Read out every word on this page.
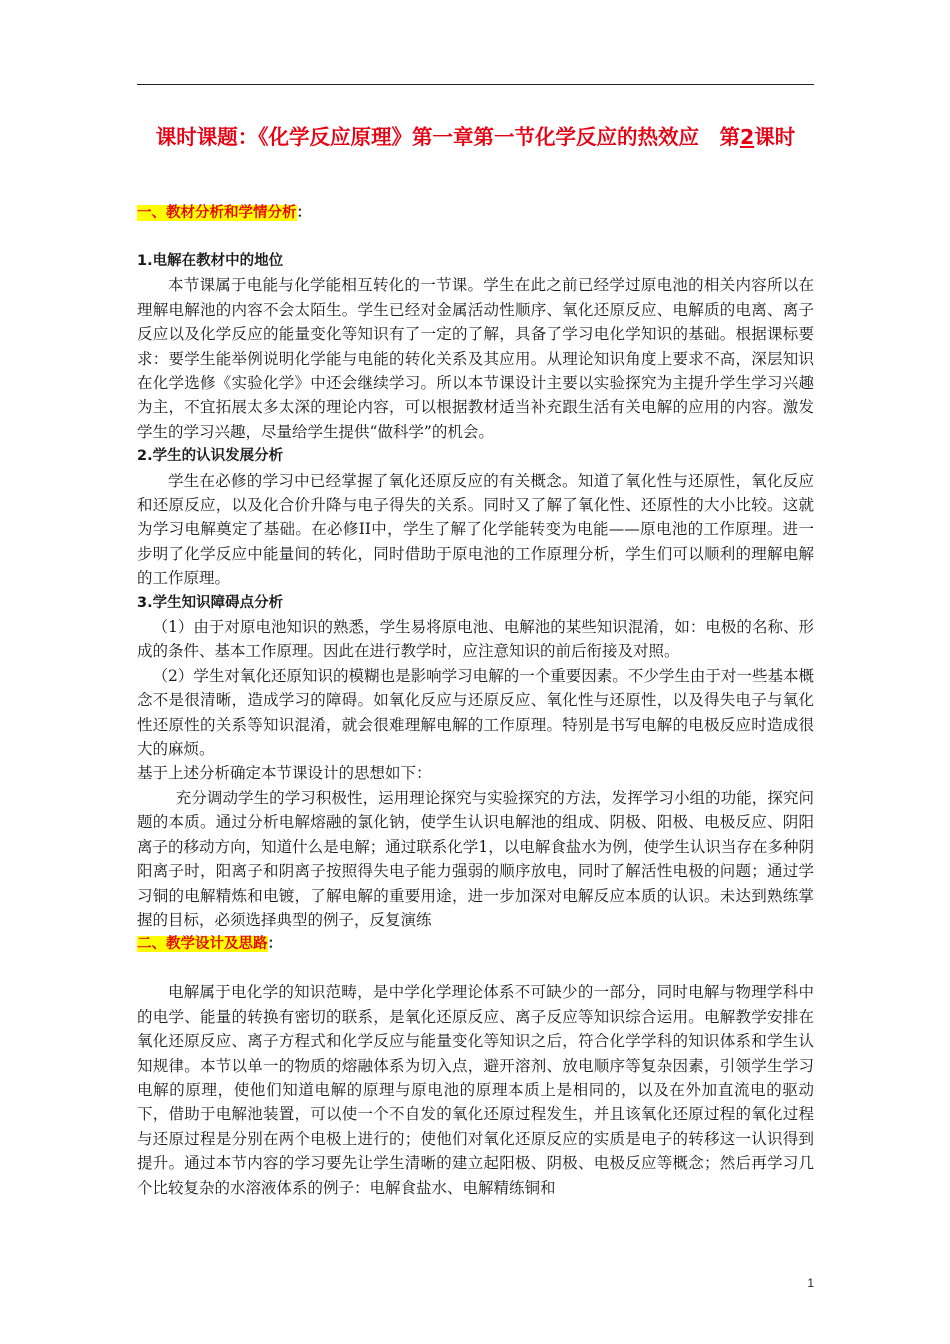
课时课题：《化学反应原理》第一章第一节化学反应的热效应　第2课时
一、教材分析和学情分析：
1.电解在教材中的地位

本节课属于电能与化学能相互转化的一节课。学生在此之前已经学过原电池的相关内容所以在理解电解池的内容不会太陌生。学生已经对金属活动性顺序、氧化还原反应、电解质的电离、离子反应以及化学反应的能量变化等知识有了一定的了解，具备了学习电化学知识的基础。根据课标要求：要学生能举例说明化学能与电能的转化关系及其应用。从理论知识角度上要求不高，深层知识在化学选修《实验化学》中还会继续学习。所以本节课设计主要以实验探究为主提升学生学习兴趣为主，不宜拓展太多太深的理论内容，可以根据教材适当补充跟生活有关电解的应用的内容。激发学生的学习兴趣，尽量给学生提供“做科学”的机会。

2.学生的认识发展分析

学生在必修的学习中已经掌握了氧化还原反应的有关概念。知道了氧化性与还原性，氧化反应和还原反应，以及化合价升降与电子得失的关系。同时又了解了氧化性、还原性的大小比较。这就为学习电解奠定了基础。在必修II中，学生了解了化学能转变为电能——原电池的工作原理。进一步明了化学反应中能量间的转化，同时借助于原电池的工作原理分析，学生们可以顺利的理解电解的工作原理。

3.学生知识障碍点分析

（1）由于对原电池知识的熟悉，学生易将原电池、电解池的某些知识混淆，如：电极的名称、形成的条件、基本工作原理。因此在进行教学时，应注意知识的前后衔接及对照。

（2）学生对氧化还原知识的模糊也是影响学习电解的一个重要因素。不少学生由于对一些基本概念不是很清晰，造成学习的障碍。如氧化反应与还原反应、氧化性与还原性，以及得失电子与氧化性还原性的关系等知识混淆，就会很难理解电解的工作原理。特别是书写电解的电极反应时造成很大的麻烦。

基于上述分析确定本节课设计的思想如下：

充分调动学生的学习积极性，运用理论探究与实验探究的方法，发挥学习小组的功能，探究问题的本质。通过分析电解熔融的氯化钠，使学生认识电解池的组成、阴极、阳极、电极反应、阴阳离子的移动方向，知道什么是电解；通过联系化学1，以电解食盐水为例，使学生认识当存在多种阴阳离子时，阳离子和阴离子按照得失电子能力强弱的顺序放电，同时了解活性电极的问题；通过学习铜的电解精炼和电镀，了解电解的重要用途，进一步加深对电解反应本质的认识。未达到熟练掌握的目标，必须选择典型的例子，反复演练

二、教学设计及思路：

电解属于电化学的知识范畴，是中学化学理论体系不可缺少的一部分，同时电解与物理学科中的电学、能量的转换有密切的联系，是氧化还原反应、离子反应等知识综合运用。电解教学安排在氧化还原反应、离子方程式和化学反应与能量变化等知识之后，符合化学学科的知识体系和学生认知规律。本节以单一的物质的熔融体系为切入点，避开溶剂、放电顺序等复杂因素，引领学生学习电解的原理，使他们知道电解的原理与原电池的原理本质上是相同的，以及在外加直流电的驱动下，借助于电解池装置，可以使一个不自发的氧化还原过程发生，并且该氧化还原过程的氧化过程与还原过程是分别在两个电极上进行的；使他们对氧化还原反应的实质是电子的转移这一认识得到提升。通过本节内容的学习要先让学生清晰的建立起阳极、阴极、电极反应等概念；然后再学习几个比较复杂的水溶液体系的例子：电解食盐水、电解精练铜和

1
